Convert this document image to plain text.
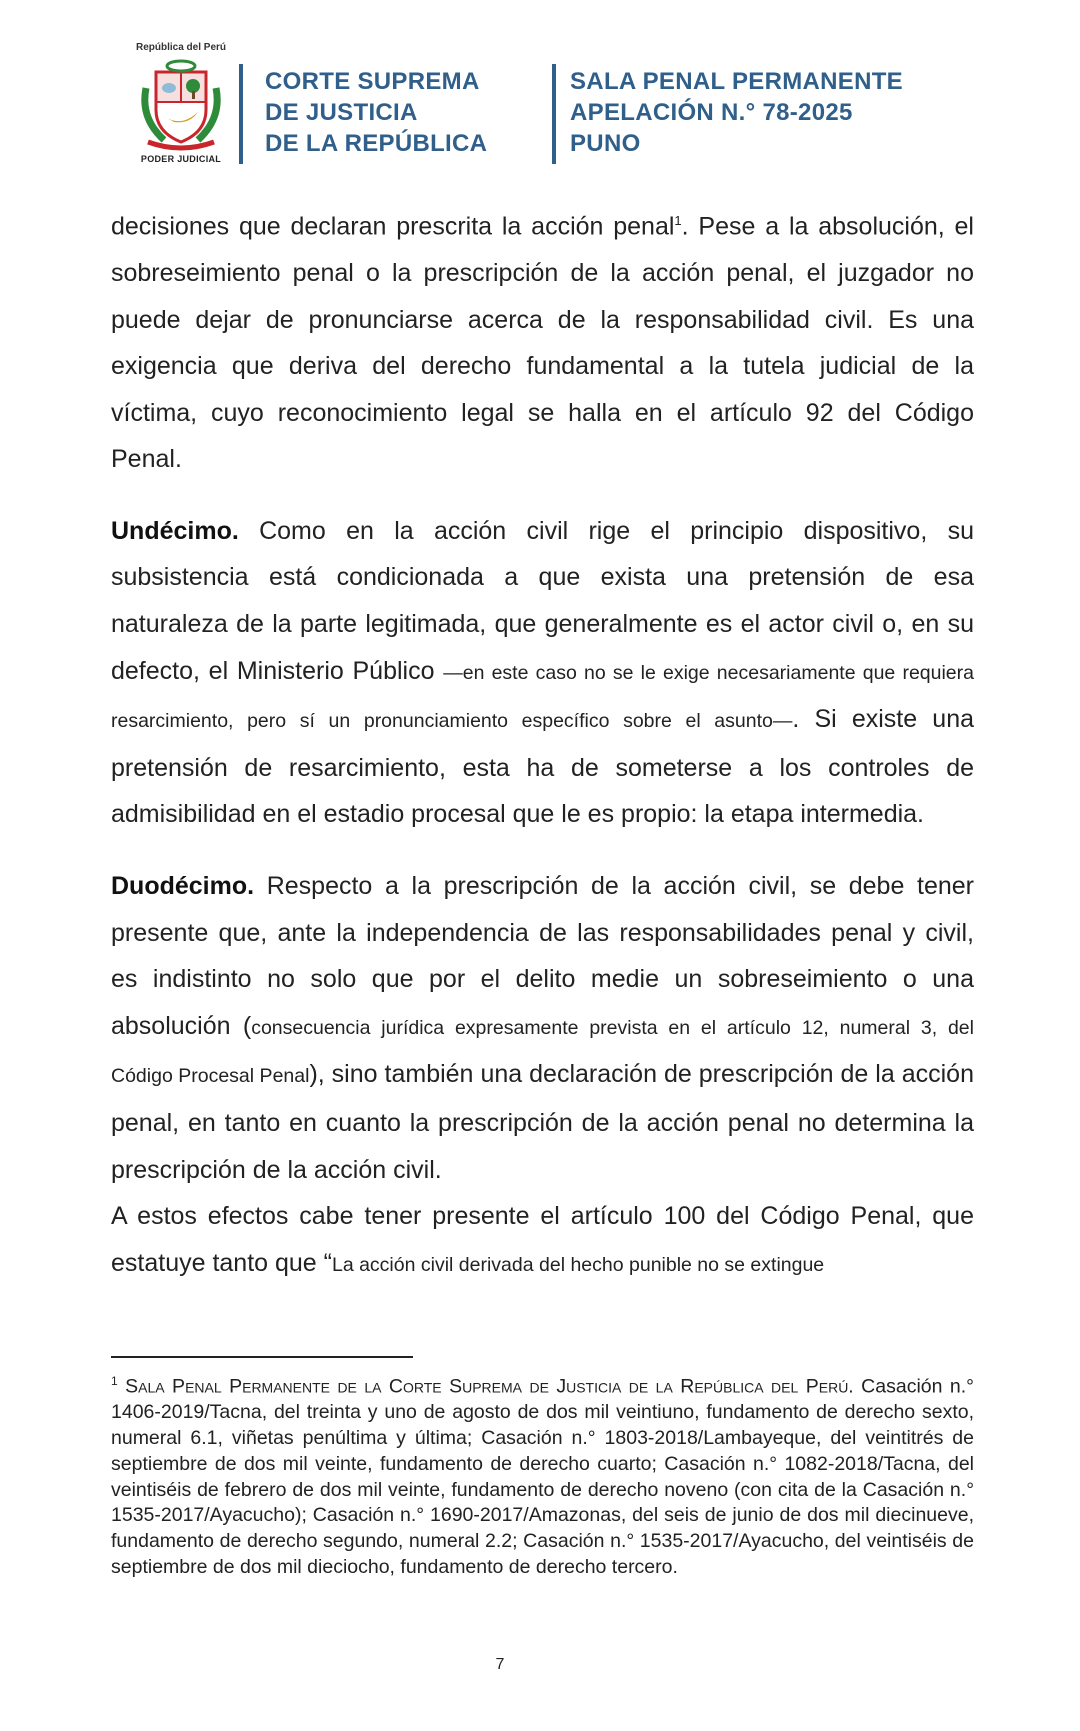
República del Perú
PODER JUDICIAL
CORTE SUPREMA
DE JUSTICIA
DE LA REPÚBLICA
SALA PENAL PERMANENTE
APELACIÓN N.° 78-2025
PUNO

decisiones que declaran prescrita la acción penal$^1$. Pese a la absolución, el sobreseimiento penal o la prescripción de la acción penal, el juzgador no puede dejar de pronunciarse acerca de la responsabilidad civil. Es una exigencia que deriva del derecho fundamental a la tutela judicial de la víctima, cuyo reconocimiento legal se halla en el artículo 92 del Código Penal.

Undécimo. Como en la acción civil rige el principio dispositivo, su subsistencia está condicionada a que exista una pretensión de esa naturaleza de la parte legitimada, que generalmente es el actor civil o, en su defecto, el Ministerio Público —en este caso no se le exige necesariamente que requiera resarcimiento, pero sí un pronunciamiento específico sobre el asunto—. Si existe una pretensión de resarcimiento, esta ha de someterse a los controles de admisibilidad en el estadio procesal que le es propio: la etapa intermedia.

Duodécimo. Respecto a la prescripción de la acción civil, se debe tener presente que, ante la independencia de las responsabilidades penal y civil, es indistinto no solo que por el delito medie un sobreseimiento o una absolución (consecuencia jurídica expresamente prevista en el artículo 12, numeral 3, del Código Procesal Penal), sino también una declaración de prescripción de la acción penal, en tanto en cuanto la prescripción de la acción penal no determina la prescripción de la acción civil.

A estos efectos cabe tener presente el artículo 100 del Código Penal, que estatuye tanto que “La acción civil derivada del hecho punible no se extingue

$^1$ Sala Penal Permanente de la Corte Suprema de Justicia de la República del Perú. Casación n.° 1406-2019/Tacna, del treinta y uno de agosto de dos mil veintiuno, fundamento de derecho sexto, numeral 6.1, viñetas penúltima y última; Casación n.° 1803-2018/Lambayeque, del veintitrés de septiembre de dos mil veinte, fundamento de derecho cuarto; Casación n.° 1082-2018/Tacna, del veintiséis de febrero de dos mil veinte, fundamento de derecho noveno (con cita de la Casación n.° 1535-2017/Ayacucho); Casación n.° 1690-2017/Amazonas, del seis de junio de dos mil diecinueve, fundamento de derecho segundo, numeral 2.2; Casación n.° 1535-2017/Ayacucho, del veintiséis de septiembre de dos mil dieciocho, fundamento de derecho tercero.
7
